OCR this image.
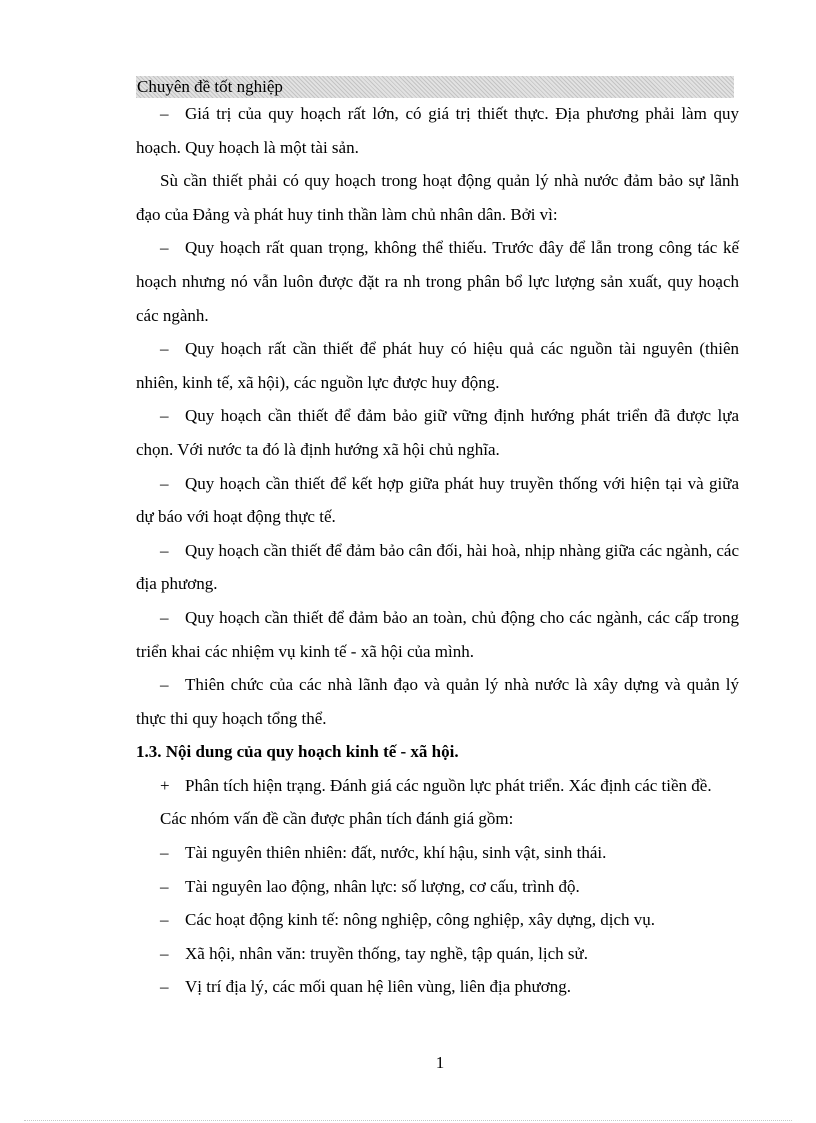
Chuyên đề tốt nghiệp

– Giá trị của quy hoạch rất lớn, có giá trị thiết thực. Địa phương phải làm quy hoạch. Quy hoạch là một tài sản.

Sù cần thiết phải có quy hoạch trong hoạt động quản lý nhà nước đảm bảo sự lãnh đạo của Đảng và phát huy tinh thần làm chủ nhân dân. Bởi vì:

– Quy hoạch rất quan trọng, không thể thiếu. Trước đây để lẫn trong công tác kế hoạch nhưng nó vẫn luôn được đặt ra nh trong phân bổ lực lượng sản xuất, quy hoạch các ngành.

– Quy hoạch rất cần thiết để phát huy có hiệu quả các nguồn tài nguyên (thiên nhiên, kinh tế, xã hội), các nguồn lực được huy động.

– Quy hoạch cần thiết để đảm bảo giữ vững định hướng phát triển đã được lựa chọn. Với nước ta đó là định hướng xã hội chủ nghĩa.

– Quy hoạch cần thiết để kết hợp giữa phát huy truyền thống với hiện tại và giữa dự báo với hoạt động thực tế.

– Quy hoạch cần thiết để đảm bảo cân đối, hài hoà, nhịp nhàng giữa các ngành, các địa phương.

– Quy hoạch cần thiết để đảm bảo an toàn, chủ động cho các ngành, các cấp trong triển khai các nhiệm vụ kinh tế - xã hội của mình.

– Thiên chức của các nhà lãnh đạo và quản lý nhà nước là xây dựng và quản lý thực thi quy hoạch tổng thể.

1.3. Nội dung của quy hoạch kinh tế - xã hội.

+ Phân tích hiện trạng. Đánh giá các nguồn lực phát triển. Xác định các tiền đề.

Các nhóm vấn đề cần được phân tích đánh giá gồm:

– Tài nguyên thiên nhiên: đất, nước, khí hậu, sinh vật, sinh thái.

– Tài nguyên lao động, nhân lực: số lượng, cơ cấu, trình độ.

– Các hoạt động kinh tế: nông nghiệp, công nghiệp, xây dựng, dịch vụ.

– Xã hội, nhân văn: truyền thống, tay nghề, tập quán, lịch sử.

– Vị trí địa lý, các mối quan hệ liên vùng, liên địa phương.

1
